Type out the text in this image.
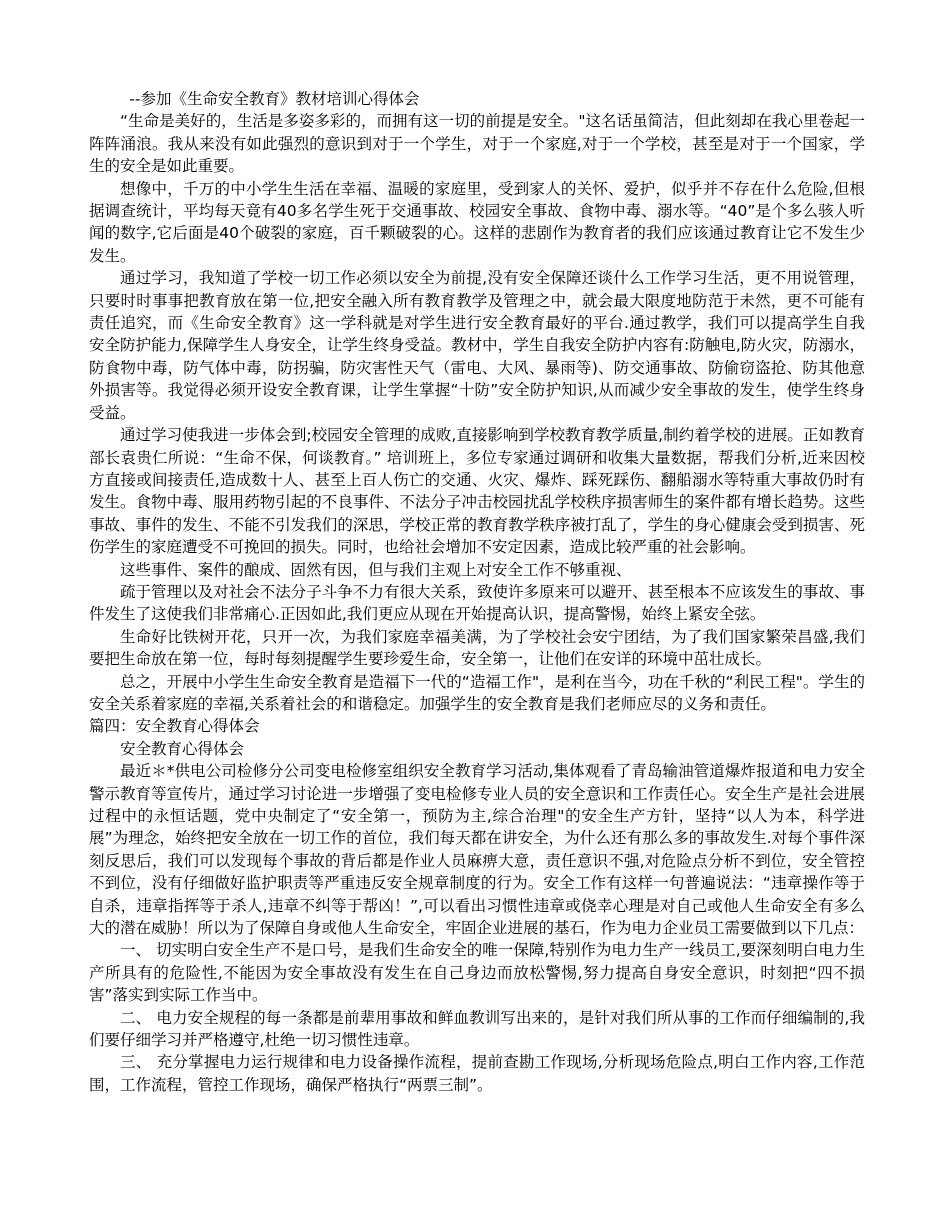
--参加《生命安全教育》教材培训心得体会

“生命是美好的，生活是多姿多彩的，而拥有这一切的前提是安全。"这名话虽简洁，但此刻却在我心里卷起一阵阵涌浪。我从来没有如此强烈的意识到对于一个学生，对于一个家庭,对于一个学校，甚至是对于一个国家，学生的安全是如此重要。

想像中，千万的中小学生生活在幸福、温暖的家庭里，受到家人的关怀、爱护，似乎并不存在什么危险,但根据调查统计，平均每天竟有40多名学生死于交通事故、校园安全事故、食物中毒、溺水等。“40”是个多么骇人听闻的数字,它后面是40个破裂的家庭，百千颗破裂的心。这样的悲剧作为教育者的我们应该通过教育让它不发生少发生。

通过学习，我知道了学校一切工作必须以安全为前提,没有安全保障还谈什么工作学习生活，更不用说管理，只要时时事事把教育放在第一位,把安全融入所有教育教学及管理之中，就会最大限度地防范于未然，更不可能有责任追究，而《生命安全教育》这一学科就是对学生进行安全教育最好的平台.通过教学，我们可以提高学生自我安全防护能力,保障学生人身安全，让学生终身受益。教材中，学生自我安全防护内容有:防触电,防火灾，防溺水，防食物中毒，防气体中毒，防拐骗，防灾害性天气（雷电、大风、暴雨等)、防交通事故、防偷窃盗抢、防其他意外损害等。我觉得必须开设安全教育课，让学生掌握“十防”安全防护知识,从而减少安全事故的发生，使学生终身受益。

通过学习使我进一步体会到;校园安全管理的成败,直接影响到学校教育教学质量,制约着学校的进展。正如教育部长袁贵仁所说：“生命不保，何谈教育。” 培训班上，多位专家通过调研和收集大量数据，帮我们分析,近来因校方直接或间接责任,造成数十人、甚至上百人伤亡的交通、火灾、爆炸、踩死踩伤、翻船溺水等特重大事故仍时有发生。食物中毒、服用药物引起的不良事件、不法分子冲击校园扰乱学校秩序损害师生的案件都有增长趋势。这些事故、事件的发生、不能不引发我们的深思，学校正常的教育教学秩序被打乱了，学生的身心健康会受到损害、死伤学生的家庭遭受不可挽回的损失。同时，也给社会增加不安定因素，造成比较严重的社会影响。

这些事件、案件的酿成、固然有因，但与我们主观上对安全工作不够重视、

疏于管理以及对社会不法分子斗争不力有很大关系，致使许多原来可以避开、甚至根本不应该发生的事故、事件发生了这使我们非常痛心.正因如此,我们更应从现在开始提高认识，提高警惕，始终上紧安全弦。

生命好比铁树开花，只开一次，为我们家庭幸福美满，为了学校社会安宁团结，为了我们国家繁荣昌盛,我们要把生命放在第一位，每时每刻提醒学生要珍爱生命，安全第一，让他们在安详的环境中茁壮成长。

总之，开展中小学生生命安全教育是造福下一代的“造福工作"，是利在当今，功在千秋的“利民工程"。学生的安全关系着家庭的幸福,关系着社会的和谐稳定。加强学生的安全教育是我们老师应尽的义务和责任。

篇四：安全教育心得体会

安全教育心得体会

最近＊*供电公司检修分公司变电检修室组织安全教育学习活动,集体观看了青岛输油管道爆炸报道和电力安全警示教育等宣传片，通过学习讨论进一步增强了变电检修专业人员的安全意识和工作责任心。安全生产是社会进展过程中的永恒话题，党中央制定了“安全第一，预防为主,综合治理"的安全生产方针，坚持“以人为本，科学进展”为理念，始终把安全放在一切工作的首位，我们每天都在讲安全，为什么还有那么多的事故发生.对每个事件深刻反思后，我们可以发现每个事故的背后都是作业人员麻痹大意，责任意识不强,对危险点分析不到位，安全管控不到位，没有仔细做好监护职责等严重违反安全规章制度的行为。安全工作有这样一句普遍说法：“违章操作等于自杀，违章指挥等于杀人,违章不纠等于帮凶！”,可以看出习惯性违章或侥幸心理是对自己或他人生命安全有多么大的潜在威胁！所以为了保障自身或他人生命安全，牢固企业进展的基石，作为电力企业员工需要做到以下几点：

一、 切实明白安全生产不是口号，是我们生命安全的唯一保障,特别作为电力生产一线员工,要深刻明白电力生产所具有的危险性,不能因为安全事故没有发生在自己身边而放松警惕,努力提高自身安全意识，时刻把“四不损害”落实到实际工作当中。

二、 电力安全规程的每一条都是前辈用事故和鲜血教训写出来的，是针对我们所从事的工作而仔细编制的,我们要仔细学习并严格遵守,杜绝一切习惯性违章。

三、 充分掌握电力运行规律和电力设备操作流程，提前查勘工作现场,分析现场危险点,明白工作内容,工作范围，工作流程，管控工作现场，确保严格执行“两票三制”。
